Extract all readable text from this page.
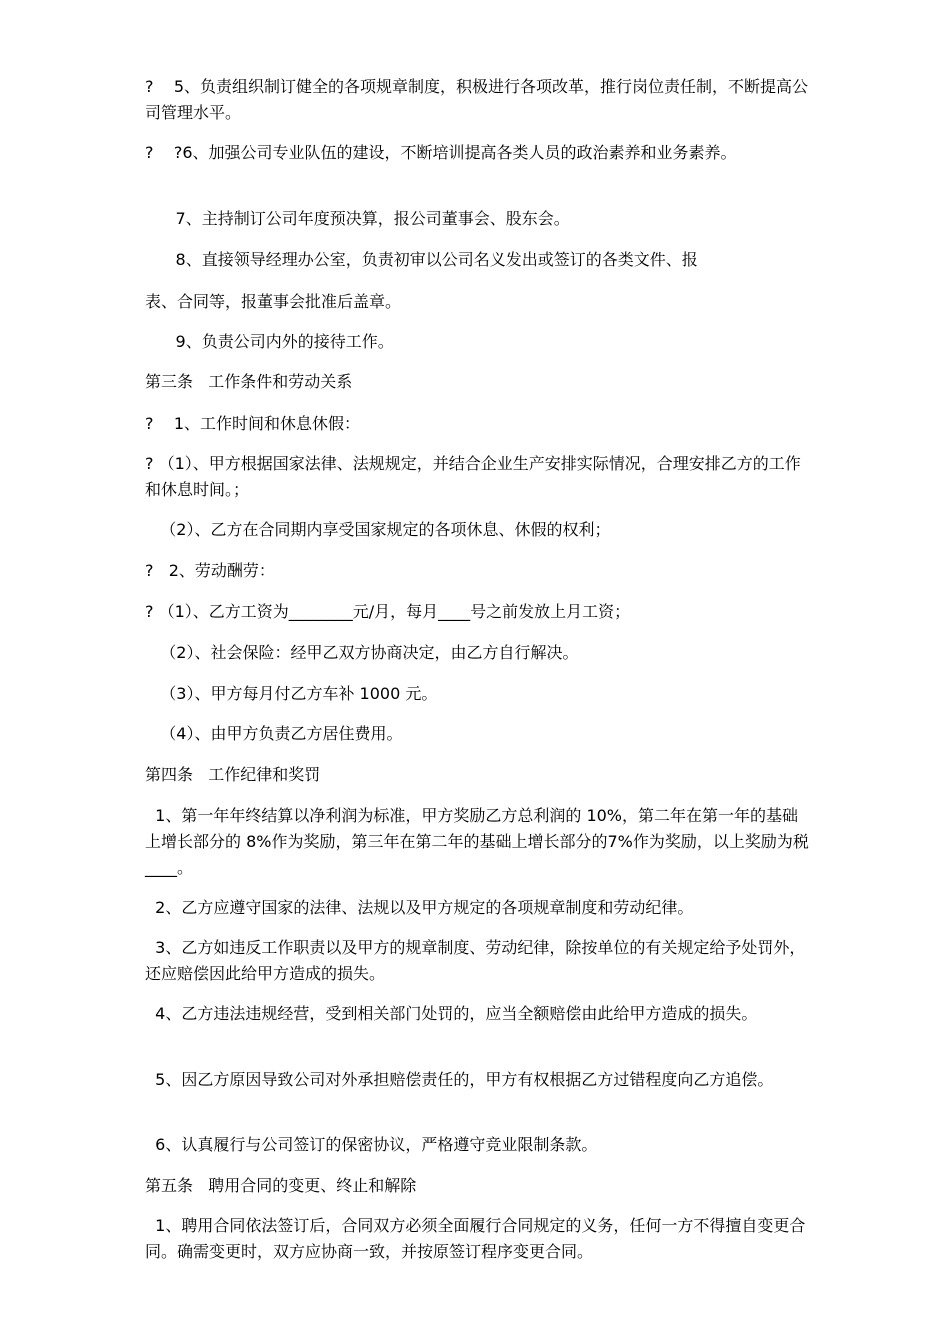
?    5、负责组织制订健全的各项规章制度，积极进行各项改革，推行岗位责任制，不断提高公司管理水平。

?    ?6、加强公司专业队伍的建设，不断培训提高各类人员的政治素养和业务素养。

7、主持制订公司年度预决算，报公司董事会、股东会。

8、直接领导经理办公室，负责初审以公司名义发出或签订的各类文件、报

表、合同等，报董事会批准后盖章。

9、负责公司内外的接待工作。

第三条   工作条件和劳动关系

?    1、工作时间和休息休假：

? （1）、甲方根据国家法律、法规规定，并结合企业生产安排实际情况，合理安排乙方的工作和休息时间。；

（2）、乙方在合同期内享受国家规定的各项休息、休假的权利；

?   2、劳动酬劳：

? （1）、乙方工资为________元/月，每月____号之前发放上月工资；

（2）、社会保险：经甲乙双方协商决定，由乙方自行解决。

（3）、甲方每月付乙方车补 1000 元。

（4）、由甲方负责乙方居住费用。

第四条   工作纪律和奖罚

1、第一年年终结算以净利润为标准，甲方奖励乙方总利润的 10%，第二年在第一年的基础上增长部分的 8%作为奖励，第三年在第二年的基础上增长部分的7%作为奖励，以上奖励为税____。

2、乙方应遵守国家的法律、法规以及甲方规定的各项规章制度和劳动纪律。

3、乙方如违反工作职责以及甲方的规章制度、劳动纪律，除按单位的有关规定给予处罚外，还应赔偿因此给甲方造成的损失。

4、乙方违法违规经营，受到相关部门处罚的，应当全额赔偿由此给甲方造成的损失。

5、因乙方原因导致公司对外承担赔偿责任的，甲方有权根据乙方过错程度向乙方追偿。

6、认真履行与公司签订的保密协议，严格遵守竞业限制条款。

第五条   聘用合同的变更、终止和解除

1、聘用合同依法签订后，合同双方必须全面履行合同规定的义务，任何一方不得擅自变更合同。确需变更时，双方应协商一致，并按原签订程序变更合同。
